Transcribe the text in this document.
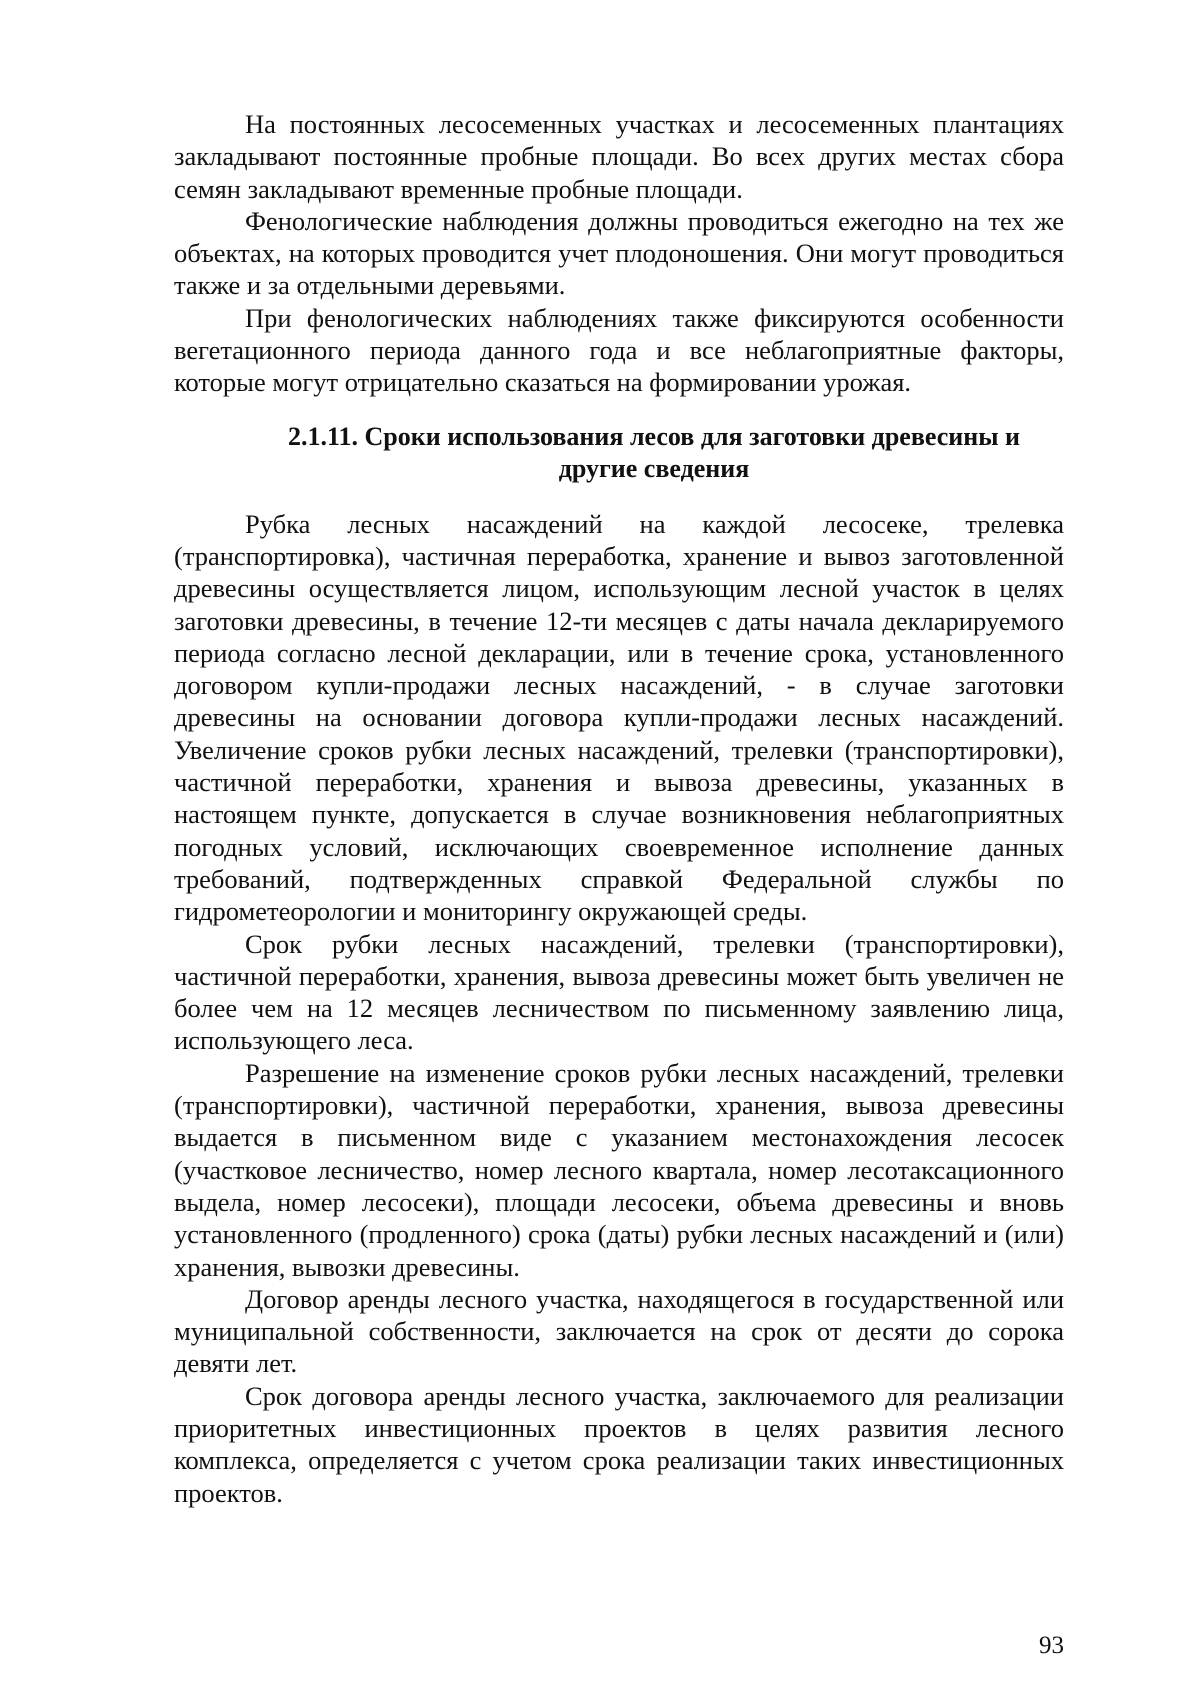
На постоянных лесосеменных участках и лесосеменных плантациях закладывают постоянные пробные площади. Во всех других местах сбора семян закладывают временные пробные площади.

Фенологические наблюдения должны проводиться ежегодно на тех же объектах, на которых проводится учет плодоношения. Они могут проводиться также и за отдельными деревьями.

При фенологических наблюдениях также фиксируются особенности вегетационного периода данного года и все неблагоприятные факторы, которые могут отрицательно сказаться на формировании урожая.

2.1.11. Сроки использования лесов для заготовки древесины и
другие сведения

Рубка лесных насаждений на каждой лесосеке, трелевка (транспортировка), частичная переработка, хранение и вывоз заготовленной древесины осуществляется лицом, использующим лесной участок в целях заготовки древесины, в течение 12-ти месяцев с даты начала декларируемого периода согласно лесной декларации, или в течение срока, установленного договором купли-продажи лесных насаждений, - в случае заготовки древесины на основании договора купли-продажи лесных насаждений. Увеличение сроков рубки лесных насаждений, трелевки (транспортировки), частичной переработки, хранения и вывоза древесины, указанных в настоящем пункте, допускается в случае возникновения неблагоприятных погодных условий, исключающих своевременное исполнение данных требований, подтвержденных справкой Федеральной службы по гидрометеорологии и мониторингу окружающей среды.

Срок рубки лесных насаждений, трелевки (транспортировки), частичной переработки, хранения, вывоза древесины может быть увеличен не более чем на 12 месяцев лесничеством по письменному заявлению лица, использующего леса.

Разрешение на изменение сроков рубки лесных насаждений, трелевки (транспортировки), частичной переработки, хранения, вывоза древесины выдается в письменном виде с указанием местонахождения лесосек (участковое лесничество, номер лесного квартала, номер лесотаксационного выдела, номер лесосеки), площади лесосеки, объема древесины и вновь установленного (продленного) срока (даты) рубки лесных насаждений и (или) хранения, вывозки древесины.

Договор аренды лесного участка, находящегося в государственной или муниципальной собственности, заключается на срок от десяти до сорока девяти лет.

Срок договора аренды лесного участка, заключаемого для реализации приоритетных инвестиционных проектов в целях развития лесного комплекса, определяется с учетом срока реализации таких инвестиционных проектов.

93
